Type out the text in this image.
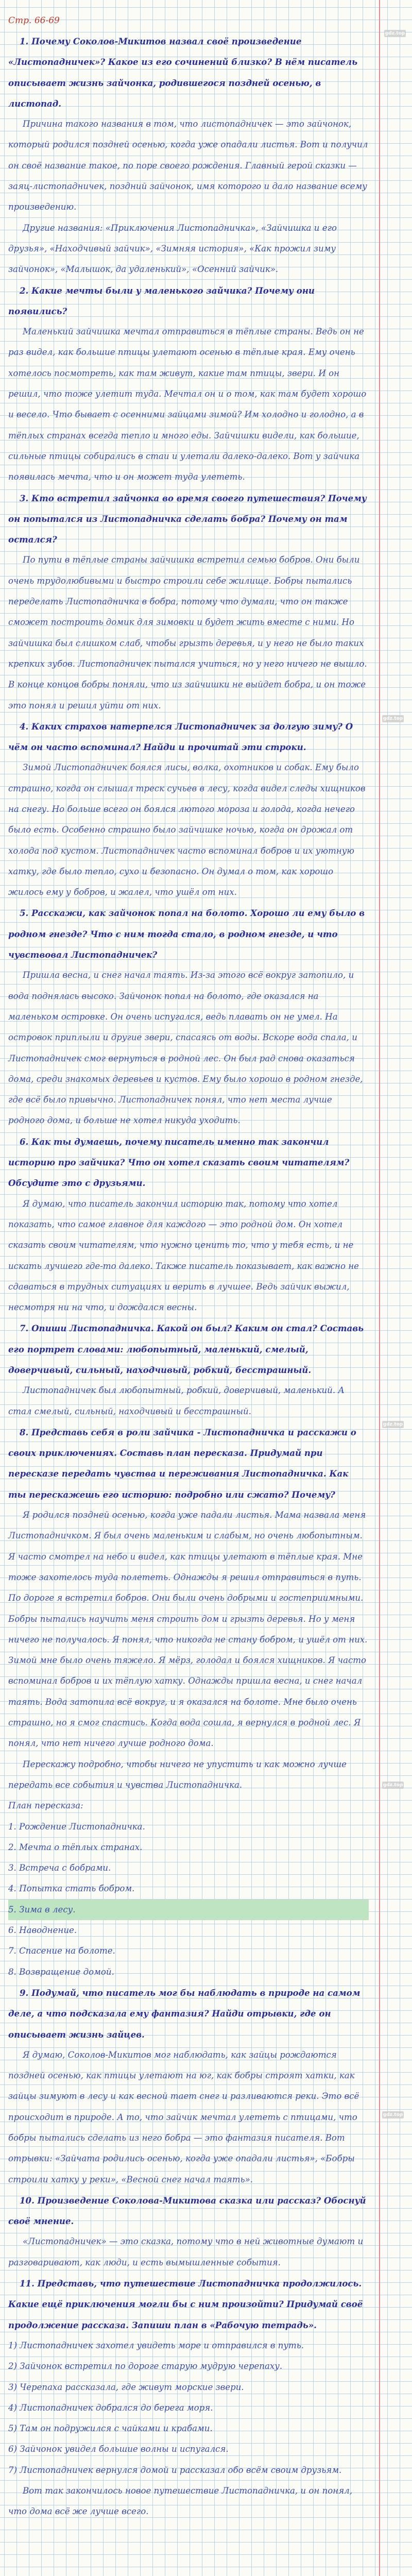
gdz.top
gdz.top
gdz.top
gdz.top
gdz.top
Стр. 66-69

1. Почему Соколов-Микитов назвал своё произведение «Листопадничек»? Какое из его сочинений близко? В нём писатель описывает жизнь зайчонка, родившегося поздней осенью, в листопад.

Причина такого названия в том, что листопадничек — это зайчонок, который родился поздней осенью, когда уже опадали листья. Вот и получил он своё название такое, по поре своего рождения. Главный герой сказки — заяц-листопадничек, поздний зайчонок, имя которого и дало название всему произведению.

Другие названия: «Приключения Листопадничка», «Зайчишка и его друзья», «Находчивый зайчик», «Зимняя история», «Как прожил зиму зайчонок», «Малышок, да удаленький», «Осенний зайчик».

2. Какие мечты были у маленького зайчика? Почему они появились?

Маленький зайчишка мечтал отправиться в тёплые страны. Ведь он не раз видел, как большие птицы улетают осенью в тёплые края. Ему очень хотелось посмотреть, как там живут, какие там птицы, звери. И он решил, что тоже улетит туда. Мечтал он и о том, как там будет хорошо и весело. Что бывает с осенними зайцами зимой? Им холодно и голодно, а в тёплых странах всегда тепло и много еды. Зайчишки видели, как большие, сильные птицы собирались в стаи и улетали далеко-далеко. Вот у зайчика появилась мечта, что и он может туда улететь.

3. Кто встретил зайчонка во время своего путешествия? Почему он попытался из Листопадничка сделать бобра? Почему он там остался?

По пути в тёплые страны зайчишка встретил семью бобров. Они были очень трудолюбивыми и быстро строили себе жилище. Бобры пытались переделать Листопадничка в бобра, потому что думали, что он также сможет построить домик для зимовки и будет жить вместе с ними. Но зайчишка был слишком слаб, чтобы грызть деревья, и у него не было таких крепких зубов. Листопадничек пытался учиться, но у него ничего не вышло. В конце концов бобры поняли, что из зайчишки не выйдет бобра, и он тоже это понял и решил уйти от них.

4. Каких страхов натерпелся Листопадничек за долгую зиму? О чём он часто вспоминал? Найди и прочитай эти строки.

Зимой Листопадничек боялся лисы, волка, охотников и собак. Ему было страшно, когда он слышал треск сучьев в лесу, когда видел следы хищников на снегу. Но больше всего он боялся лютого мороза и голода, когда нечего было есть. Особенно страшно было зайчишке ночью, когда он дрожал от холода под кустом. Листопадничек часто вспоминал бобров и их уютную хатку, где было тепло, сухо и безопасно. Он думал о том, как хорошо жилось ему у бобров, и жалел, что ушёл от них.

5. Расскажи, как зайчонок попал на болото. Хорошо ли ему было в родном гнезде? Что с ним тогда стало, в родном гнезде, и что чувствовал Листопадничек?

Пришла весна, и снег начал таять. Из-за этого всё вокруг затопило, и вода поднялась высоко. Зайчонок попал на болото, где оказался на маленьком островке. Он очень испугался, ведь плавать он не умел. На островок приплыли и другие звери, спасаясь от воды. Вскоре вода спала, и Листопадничек смог вернуться в родной лес. Он был рад снова оказаться дома, среди знакомых деревьев и кустов. Ему было хорошо в родном гнезде, где всё было привычно. Листопадничек понял, что нет места лучше родного дома, и больше не хотел никуда уходить.

6. Как ты думаешь, почему писатель именно так закончил историю про зайчика? Что он хотел сказать своим читателям? Обсудите это с друзьями.

Я думаю, что писатель закончил историю так, потому что хотел показать, что самое главное для каждого — это родной дом. Он хотел сказать своим читателям, что нужно ценить то, что у тебя есть, и не искать лучшего где-то далеко. Также писатель показывает, как важно не сдаваться в трудных ситуациях и верить в лучшее. Ведь зайчик выжил, несмотря ни на что, и дождался весны.

7. Опиши Листопадничка. Какой он был? Каким он стал? Составь его портрет словами: любопытный, маленький, смелый, доверчивый, сильный, находчивый, робкий, бесстрашный.

Листопадничек был любопытный, робкий, доверчивый, маленький. А стал смелый, сильный, находчивый и бесстрашный.

8. Представь себя в роли зайчика - Листопадничка и расскажи о своих приключениях. Составь план пересказа. Придумай при пересказе передать чувства и переживания Листопадничка. Как ты перескажешь его историю: подробно или сжато? Почему?

Я родился поздней осенью, когда уже падали листья. Мама назвала меня Листопадничком. Я был очень маленьким и слабым, но очень любопытным. Я часто смотрел на небо и видел, как птицы улетают в тёплые края. Мне тоже захотелось туда полететь. Однажды я решил отправиться в путь. По дороге я встретил бобров. Они были очень добрыми и гостеприимными. Бобры пытались научить меня строить дом и грызть деревья. Но у меня ничего не получалось. Я понял, что никогда не стану бобром, и ушёл от них. Зимой мне было очень тяжело. Я мёрз, голодал и боялся хищников. Я часто вспоминал бобров и их тёплую хатку. Однажды пришла весна, и снег начал таять. Вода затопила всё вокруг, и я оказался на болоте. Мне было очень страшно, но я смог спастись. Когда вода сошла, я вернулся в родной лес. Я понял, что нет ничего лучше родного дома.

Перескажу подробно, чтобы ничего не упустить и как можно лучше передать все события и чувства Листопадничка.

План пересказа:

1. Рождение Листопадничка.
2. Мечта о тёплых странах.
3. Встреча с бобрами.
4. Попытка стать бобром.
5. Зима в лесу.
6. Наводнение.
7. Спасение на болоте.
8. Возвращение домой.

9. Подумай, что писатель мог бы наблюдать в природе на самом деле, а что подсказала ему фантазия? Найди отрывки, где он описывает жизнь зайцев.

Я думаю, Соколов-Микитов мог наблюдать, как зайцы рождаются поздней осенью, как птицы улетают на юг, как бобры строят хатки, как зайцы зимуют в лесу и как весной тает снег и разливаются реки. Это всё происходит в природе. А то, что зайчик мечтал улететь с птицами, что бобры пытались сделать из него бобра — это фантазия писателя. Вот отрывки: «Зайчата родились осенью, когда уже опадали листья», «Бобры строили хатку у реки», «Весной снег начал таять».

10. Произведение Соколова-Микитова сказка или рассказ? Обоснуй своё мнение.

«Листопадничек» — это сказка, потому что в ней животные думают и разговаривают, как люди, и есть вымышленные события.

11. Представь, что путешествие Листопадничка продолжилось. Какие ещё приключения могли бы с ним произойти? Придумай своё продолжение рассказа. Запиши план в «Рабочую тетрадь».

1) Листопадничек захотел увидеть море и отправился в путь.
2) Зайчонок встретил по дороге старую мудрую черепаху.
3) Черепаха рассказала, где живут морские звери.
4) Листопадничек добрался до берега моря.
5) Там он подружился с чайками и крабами.
6) Зайчонок увидел большие волны и испугался.
7) Листопадничек вернулся домой и рассказал обо всём своим друзьям.

Вот так закончилось новое путешествие Листопадничка, и он понял, что дома всё же лучше всего.
